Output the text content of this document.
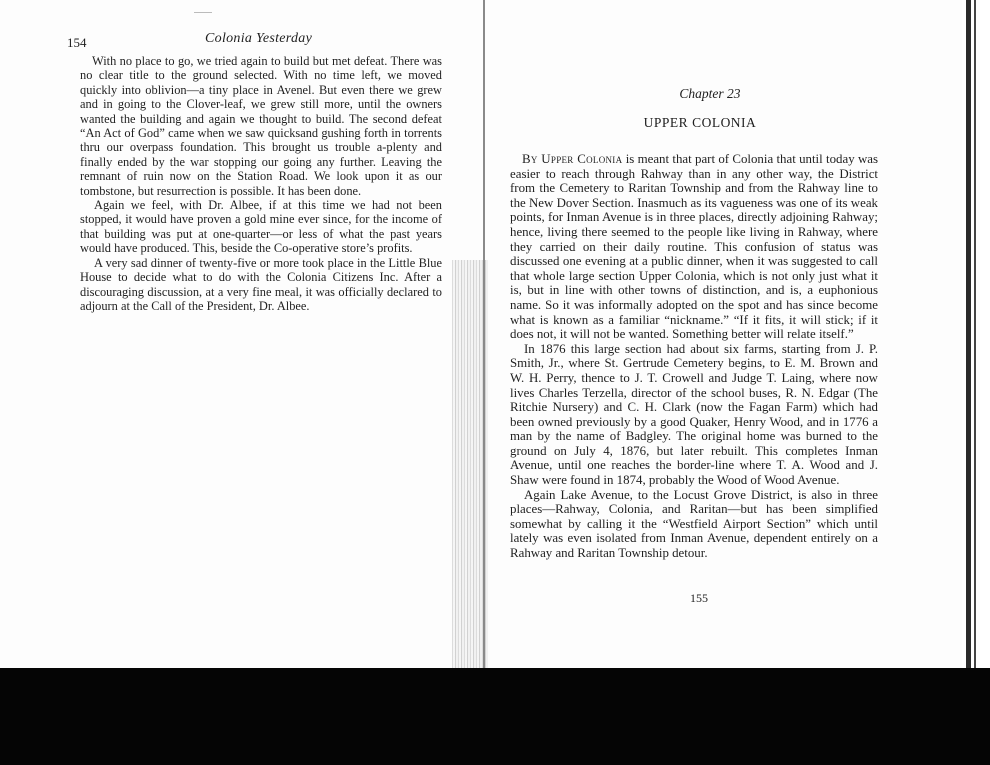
154	Colonia Yesterday

With no place to go, we tried again to build but met defeat. There was no clear title to the ground selected. With no time left, we moved quickly into oblivion—a tiny place in Avenel. But even there we grew and in going to the Clover-leaf, we grew still more, until the owners wanted the building and again we thought to build. The second defeat “An Act of God” came when we saw quicksand gushing forth in torrents thru our overpass foundation. This brought us trouble a-plenty and finally ended by the war stopping our going any further. Leaving the remnant of ruin now on the Station Road. We look upon it as our tombstone, but resurrection is possible. It has been done.

Again we feel, with Dr. Albee, if at this time we had not been stopped, it would have proven a gold mine ever since, for the income of that building was put at one-quarter—or less of what the past years would have produced. This, beside the Co-operative store’s profits.

A very sad dinner of twenty-five or more took place in the Little Blue House to decide what to do with the Colonia Citizens Inc. After a discouraging discussion, at a very fine meal, it was officially declared to adjourn at the Call of the President, Dr. Albee.

Chapter 23
UPPER COLONIA

By Upper Colonia is meant that part of Colonia that until today was easier to reach through Rahway than in any other way, the District from the Cemetery to Raritan Township and from the Rahway line to the New Dover Section. Inasmuch as its vagueness was one of its weak points, for Inman Avenue is in three places, directly adjoining Rahway; hence, living there seemed to the people like living in Rahway, where they carried on their daily routine. This confusion of status was discussed one evening at a public dinner, when it was suggested to call that whole large section Upper Colonia, which is not only just what it is, but in line with other towns of distinction, and is, a euphonious name. So it was informally adopted on the spot and has since become what is known as a familiar “nickname.” “If it fits, it will stick; if it does not, it will not be wanted. Something better will relate itself.”

In 1876 this large section had about six farms, starting from J. P. Smith, Jr., where St. Gertrude Cemetery begins, to E. M. Brown and W. H. Perry, thence to J. T. Crowell and Judge T. Laing, where now lives Charles Terzella, director of the school buses, R. N. Edgar (The Ritchie Nursery) and C. H. Clark (now the Fagan Farm) which had been owned previously by a good Quaker, Henry Wood, and in 1776 a man by the name of Badgley. The original home was burned to the ground on July 4, 1876, but later rebuilt. This completes Inman Avenue, until one reaches the border-line where T. A. Wood and J. Shaw were found in 1874, probably the Wood of Wood Avenue.

Again Lake Avenue, to the Locust Grove District, is also in three places—Rahway, Colonia, and Raritan—but has been simplified somewhat by calling it the “Westfield Airport Section” which until lately was even isolated from Inman Avenue, dependent entirely on a Rahway and Raritan Township detour.

155
